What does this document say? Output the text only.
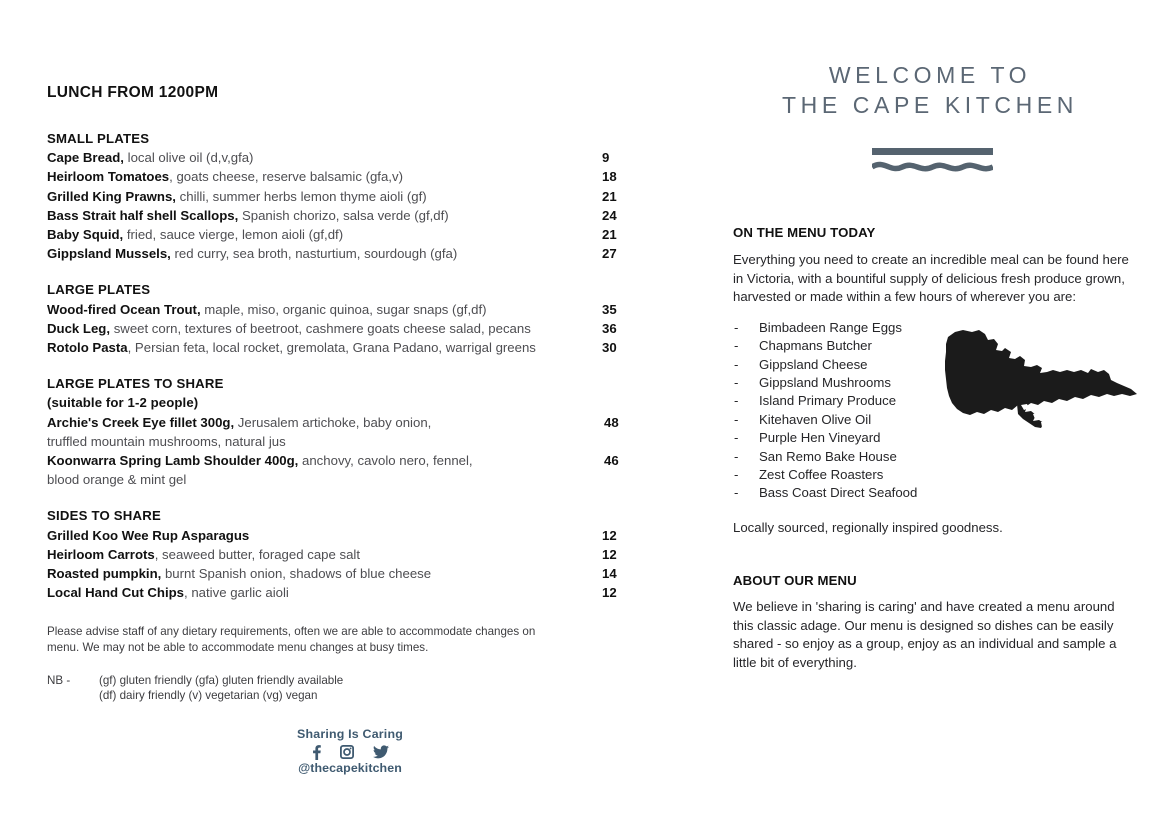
LUNCH FROM 1200PM
SMALL PLATES
Cape Bread, local olive oil (d,v,gfa)	9
Heirloom Tomatoes, goats cheese, reserve balsamic (gfa,v)	18
Grilled King Prawns, chilli, summer herbs lemon thyme aioli (gf)	21
Bass Strait half shell Scallops, Spanish chorizo, salsa verde (gf,df)	24
Baby Squid, fried, sauce vierge, lemon aioli (gf,df)	21
Gippsland Mussels, red curry, sea broth, nasturtium, sourdough (gfa)	27
LARGE PLATES
Wood-fired Ocean Trout, maple, miso, organic quinoa, sugar snaps (gf,df)	35
Duck Leg, sweet corn, textures of beetroot, cashmere goats cheese salad, pecans	36
Rotolo Pasta, Persian feta, local rocket, gremolata, Grana Padano, warrigal greens	30
LARGE PLATES TO SHARE
(suitable for 1-2 people)
Archie's Creek Eye fillet 300g, Jerusalem artichoke, baby onion,	48
truffled mountain mushrooms, natural jus
Koonwarra Spring Lamb Shoulder 400g, anchovy, cavolo nero, fennel,	46
blood orange & mint gel
SIDES TO SHARE
Grilled Koo Wee Rup Asparagus	12
Heirloom Carrots, seaweed butter, foraged cape salt	12
Roasted pumpkin, burnt Spanish onion, shadows of blue cheese	14
Local Hand Cut Chips, native garlic aioli	12
Please advise staff of any dietary requirements, often we are able to accommodate changes on menu. We may not be able to accommodate menu changes at busy times.
NB -	(gf) gluten friendly (gfa) gluten friendly available
(df) dairy friendly (v) vegetarian (vg) vegan
Sharing Is Caring
@thecapekitchen
WELCOME TO
THE CAPE KITCHEN
ON THE MENU TODAY
Everything you need to create an incredible meal can be found here in Victoria, with a bountiful supply of delicious fresh produce grown, harvested or made within a few hours of wherever you are:
- Bimbadeen Range Eggs
- Chapmans Butcher
- Gippsland Cheese
- Gippsland Mushrooms
- Island Primary Produce
- Kitehaven Olive Oil
- Purple Hen Vineyard
- San Remo Bake House
- Zest Coffee Roasters
- Bass Coast Direct Seafood
Locally sourced, regionally inspired goodness.
ABOUT OUR MENU
We believe in 'sharing is caring' and have created a menu around this classic adage. Our menu is designed so dishes can be easily shared - so enjoy as a group, enjoy as an individual and sample a little bit of everything.
